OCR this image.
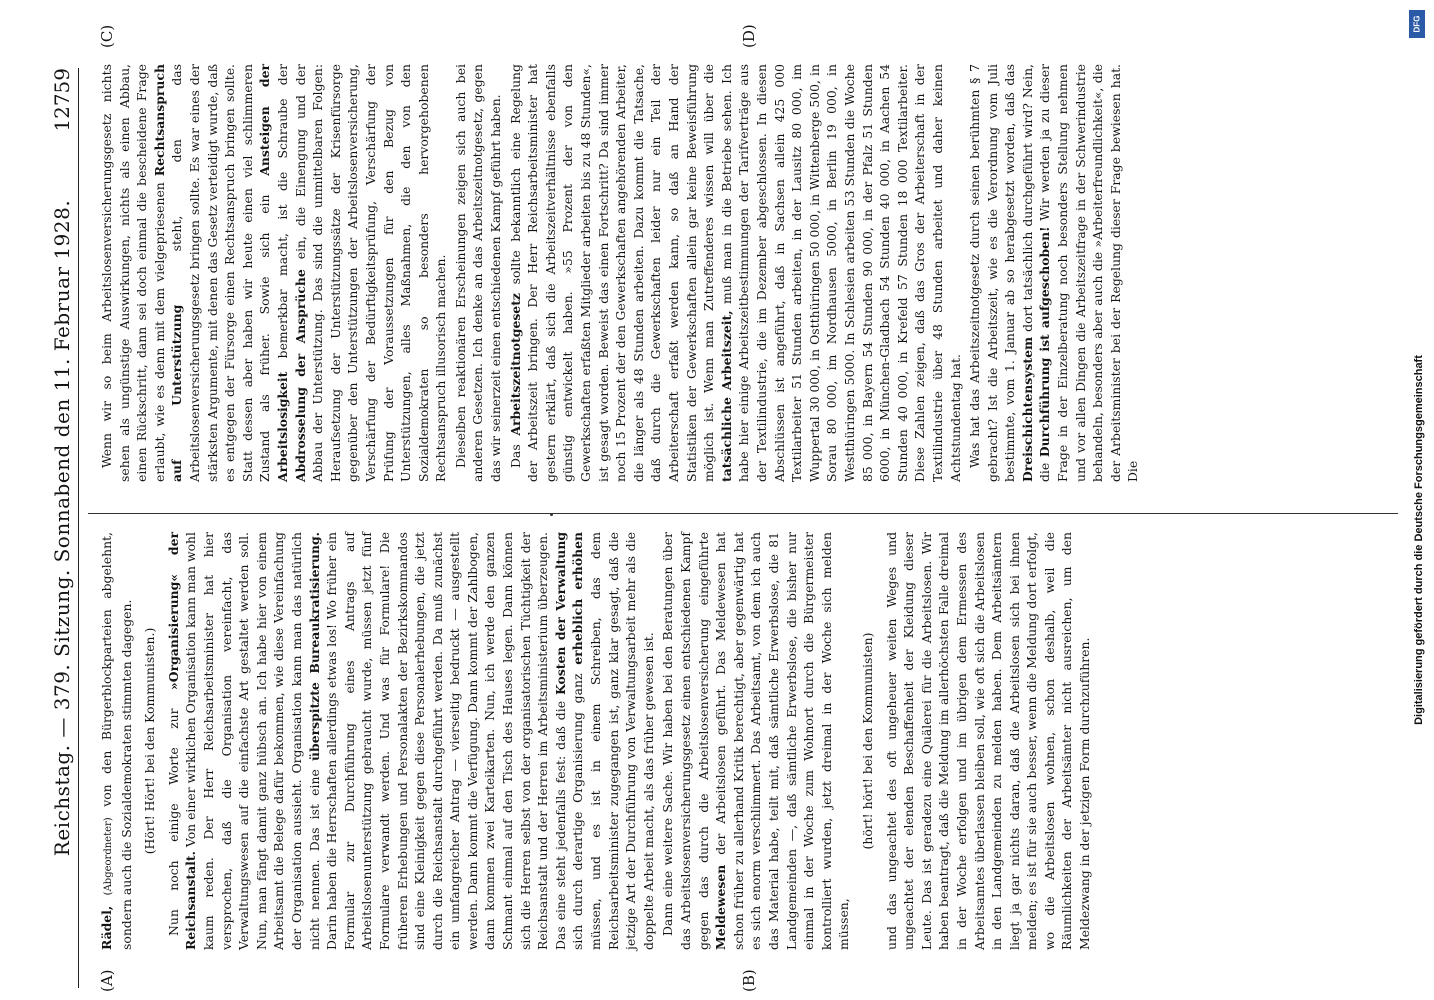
Reichstag. — 379. Sitzung. Sonnabend den 11. Februar 1928.
12759
(A)	(B)
(C)	(D)

Rädel, (Abgeordneter) von den Bürgerblockparteien abgelehnt, sondern auch die Sozialdemokraten stimmten dagegen. (Hört! Hört! bei den Kommunisten.) Nun noch einige Worte zur »Organisierung« der Reichsanstalt. Von einer wirklichen Organisation kann man wohl kaum reden. Der Herr Reichsarbeitsminister hat hier versprochen, daß die Organisation vereinfacht, das Verwaltungswesen auf die einfachste Art gestaltet werden soll. Nun, man fängt damit ganz hübsch an. Ich habe hier von einem Arbeitsamt die Belege dafür bekommen, wie diese Vereinfachung der Organisation aussieht. Organisation kann man das natürlich nicht nennen. Das ist eine überspitzte Bureaukratisierung. Darin haben die Herrschaften allerdings etwas los! Wo früher ein Formular zur Durchführung eines Antrags auf Arbeitslosenunterstützung gebraucht wurde, müssen jetzt fünf Formulare verwandt werden. Und was für Formulare! Die früheren Erhebungen und Personalakten der Bezirkskommandos sind eine Kleinigkeit gegen diese Personalerhebungen, die jetzt durch die Reichsanstalt durchgeführt werden. Da muß zunächst ein umfangreicher Antrag — vierseitig bedruckt — ausgestellt werden. Dann kommt die Verfügung. Dann kommt der Zahlbogen, dann kommen zwei Karteikarten. Nun, ich werde den ganzen Schmant einmal auf den Tisch des Hauses legen. Dann können sich die Herren selbst von der organisatorischen Tüchtigkeit der Reichsanstalt und der Herren im Arbeitsministerium überzeugen. Das eine steht jedenfalls fest: daß die Kosten der Verwaltung sich durch derartige Organisierung ganz erheblich erhöhen müssen, und es ist in einem Schreiben, das dem Reichsarbeitsminister zugegangen ist, ganz klar gesagt, daß die jetzige Art der Durchführung von Verwaltungsarbeit mehr als die doppelte Arbeit macht, als das früher gewesen ist. Dann eine weitere Sache. Wir haben bei den Beratungen über das Arbeitslosenversicherungsgesetz einen entschiedenen Kampf gegen das durch die Arbeitslosenversicherung eingeführte Meldewesen der Arbeitslosen geführt. Das Meldewesen hat schon früher zu allerhand Kritik berechtigt, aber gegenwärtig hat es sich enorm verschlimmert. Das Arbeitsamt, von dem ich auch das Material habe, teilt mit, daß sämtliche Erwerbslose, die 81 Landgemeinden —, daß sämtliche Erwerbslose, die bisher nur einmal in der Woche zum Wohnort durch die Bürgermeister kontrolliert wurden, jetzt dreimal in der Woche sich melden müssen,

(hört! hört! bei den Kommunisten) und das ungeachtet des oft ungeheuer weiten Weges und ungeachtet der elenden Beschaffenheit der Kleidung dieser Leute. Das ist geradezu eine Quälerei für die Arbeitslosen. Wir haben beantragt, daß die Meldung im allerhöchsten Falle dreimal in der Woche erfolgen und im übrigen dem Ermessen des Arbeitsamtes überlassen bleiben soll, wie oft sich die Arbeitslosen in den Landgemeinden zu melden haben. Dem Arbeitsämtern liegt ja gar nichts daran, daß die Arbeitslosen sich bei ihnen melden; es ist für sie auch besser, wenn die Meldung dort erfolgt, wo die Arbeitslosen wohnen, schon deshalb, weil die Räumlichkeiten der Arbeitsämter nicht ausreichen, um den Meldezwang in der jetzigen Form durchzuführen.

Wenn wir so beim Arbeitslosenversicherungsgesetz nichts sehen als ungünstige Auswirkungen, nichts als einen Abbau, einen Rückschritt, dann sei doch einmal die bescheidene Frage erlaubt, wie es denn mit dem vielgepriesenen Rechtsanspruch auf Unterstützung steht, den das Arbeitslosenversicherungsgesetz bringen sollte. Es war eines der stärksten Argumente, mit denen das Gesetz verteidigt wurde, daß es entgegen der Fürsorge einen Rechtsanspruch bringen sollte. Statt dessen aber haben wir heute einen viel schlimmeren Zustand als früher. Sowie sich ein Ansteigen der Arbeitslosigkeit bemerkbar macht, ist die Schraube der Abdrosselung der Ansprüche ein, die Einengung und der Abbau der Unterstützung. Das sind die unmittelbaren Folgen: Heraufsetzung der Unterstützungssätze der Krisenfürsorge gegenüber den Unterstützungen der Arbeitslosenversicherung, Verschärfung der Bedürftigkeitsprüfung, Verschärfung der Prüfung der Voraussetzungen für den Bezug von Unterstützungen, alles Maßnahmen, die den von den Sozialdemokraten so besonders hervorgehobenen Rechtsanspruch illusorisch machen. Dieselben reaktionären Erscheinungen zeigen sich auch bei anderen Gesetzen. Ich denke an das Arbeitszeitnotgesetz, gegen das wir seinerzeit einen entschiedenen Kampf geführt haben. Das Arbeitszeitnotgesetz sollte bekanntlich eine Regelung der Arbeitszeit bringen. Der Herr Reichsarbeitsminister hat gestern erklärt, daß sich die Arbeitszeitverhältnisse ebenfalls günstig entwickelt haben. »55 Prozent der von den Gewerkschaften erfaßten Mitglieder arbeiten bis zu 48 Stunden«, ist gesagt worden. Beweist das einen Fortschritt? Da sind immer noch 15 Prozent der den Gewerkschaften angehörenden Arbeiter, die länger als 48 Stunden arbeiten. Dazu kommt die Tatsache, daß durch die Gewerkschaften leider nur ein Teil der Arbeiterschaft erfaßt werden kann, so daß an Hand der Statistiken der Gewerkschaften allein gar keine Beweisführung möglich ist. Wenn man Zutreffenderes wissen will über die tatsächliche Arbeitszeit, muß man in die Betriebe sehen. Ich habe hier einige Arbeitszeitbestimmungen der Tarifverträge aus der Textilindustrie, die im Dezember abgeschlossen. In diesen Abschlüssen ist angeführt, daß in Sachsen allein 425 000 Textilarbeiter 51 Stunden arbeiten, in der Lausitz 80 000, im Wuppertal 30 000, in Ostthüringen 50 000, in Wittenberge 500, in Sorau 80 000, im Nordhausen 5000, in Berlin 19 000, in Westthüringen 5000. In Schlesien arbeiten 53 Stunden die Woche 85 000, in Bayern 54 Stunden 90 000, in der Pfalz 51 Stunden 6000, in München-Gladbach 54 Stunden 40 000, in Aachen 54 Stunden 40 000, in Krefeld 57 Stunden 18 000 Textilarbeiter. Diese Zahlen zeigen, daß das Gros der Arbeiterschaft in der Textilindustrie über 48 Stunden arbeitet und daher keinen Achtstundentag hat. Was hat das Arbeitszeitnotgesetz durch seinen berühmten § 7 gebracht? Ist die Arbeitszeit, wie es die Verordnung vom Juli bestimmte, vom 1. Januar ab so herabgesetzt worden, daß das Dreischichtensystem dort tatsächlich durchgeführt wird? Nein, die Durchführung ist aufgeschoben! Wir werden ja zu dieser Frage in der Einzelberatung noch besonders Stellung nehmen und vor allen Dingen die Arbeitszeitfrage in der Schwerindustrie behandeln, besonders aber auch die »Arbeiterfreundlichkeit«, die der Arbeitsminister bei der Regelung dieser Frage bewiesen hat. Die

DFG
Digitalisierung gefördert durch die Deutsche Forschungsgemeinschaft
